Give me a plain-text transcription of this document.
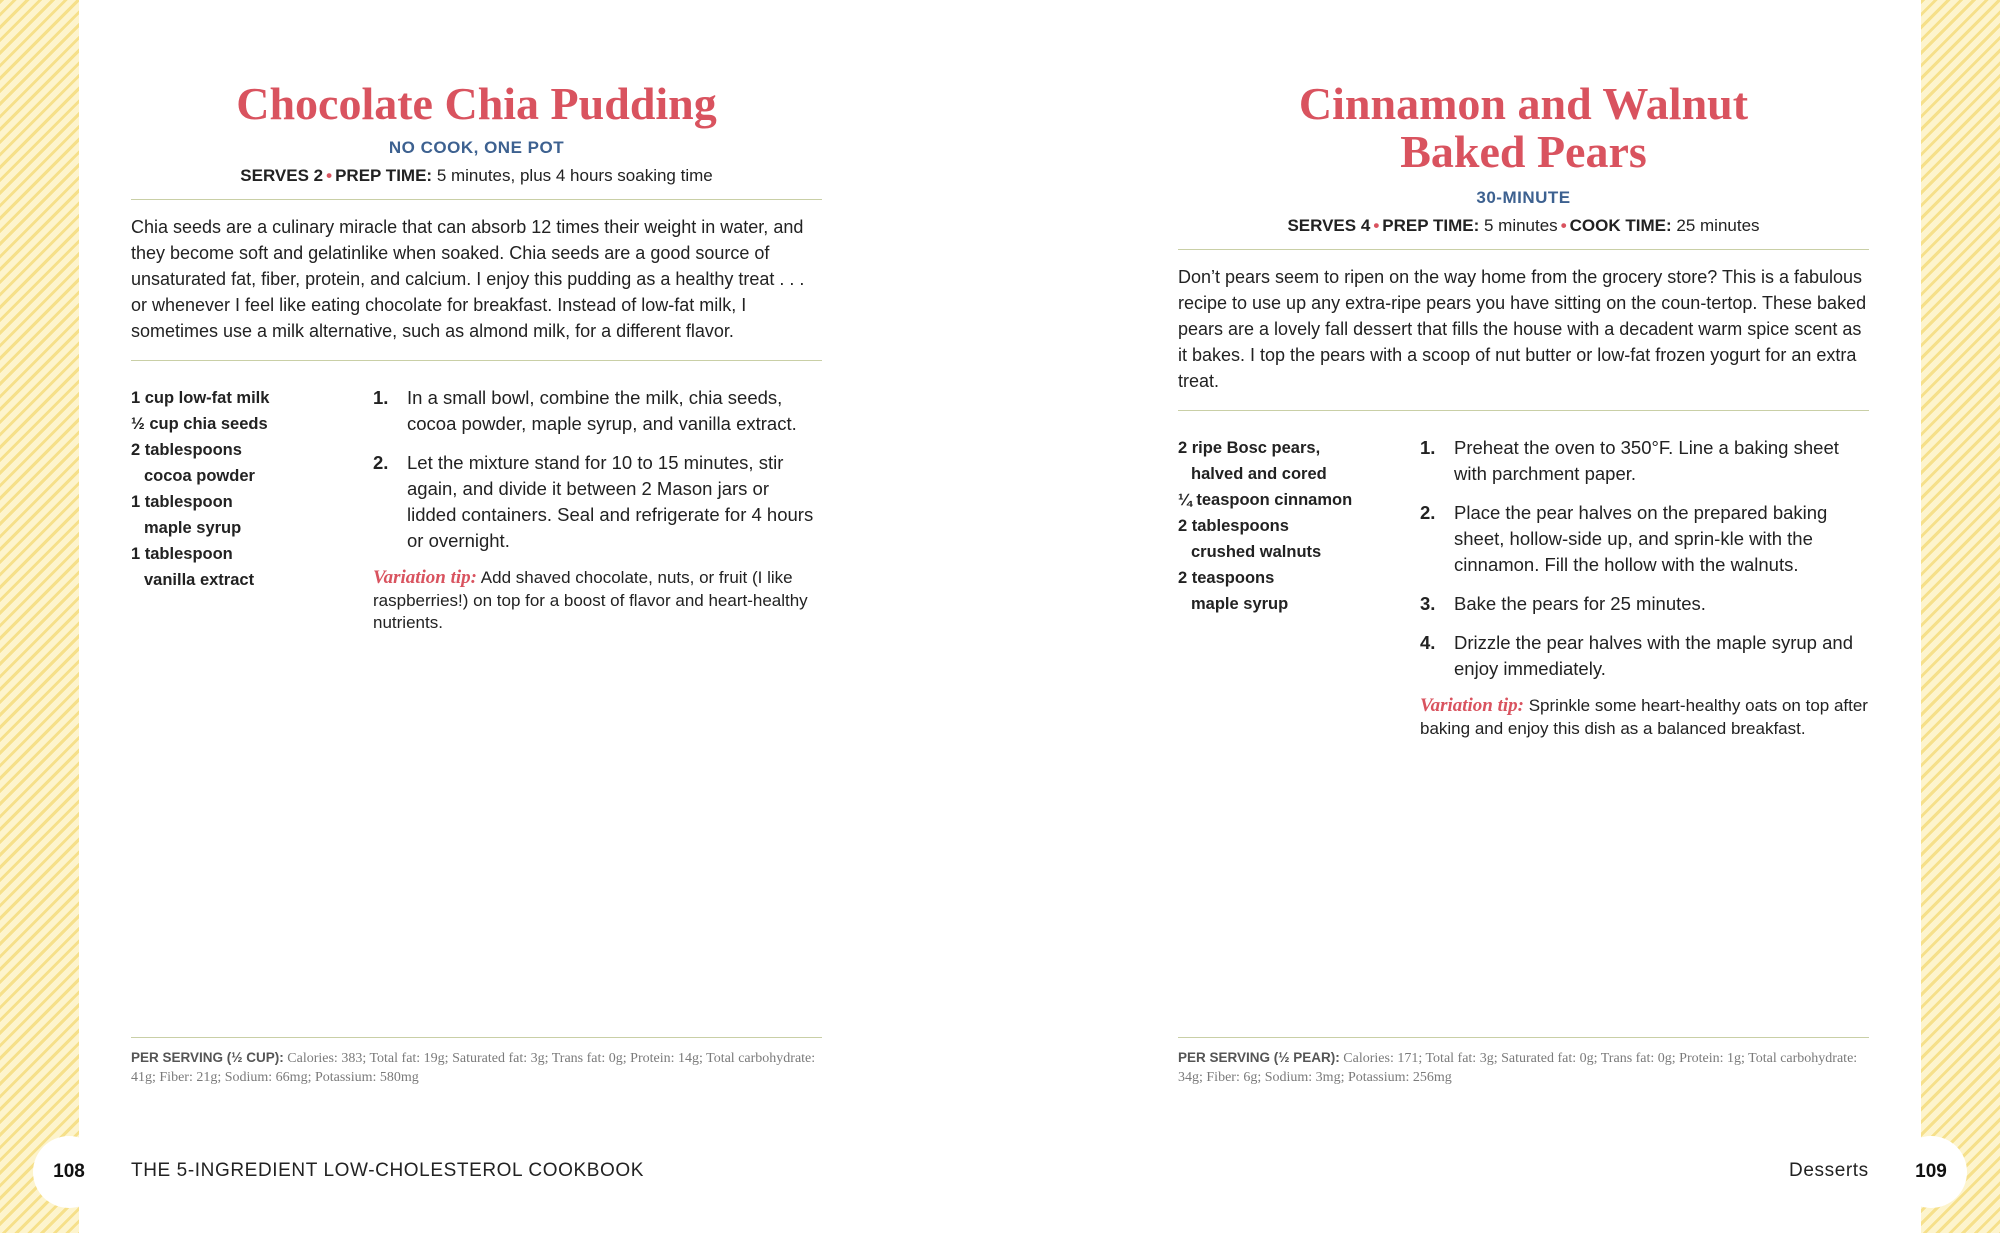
Chocolate Chia Pudding
NO COOK, ONE POT
SERVES 2 • PREP TIME: 5 minutes, plus 4 hours soaking time

Chia seeds are a culinary miracle that can absorb 12 times their weight in water, and they become soft and gelatinlike when soaked. Chia seeds are a good source of unsaturated fat, fiber, protein, and calcium. I enjoy this pudding as a healthy treat . . . or whenever I feel like eating chocolate for breakfast. Instead of low-fat milk, I sometimes use a milk alternative, such as almond milk, for a different flavor.

1 cup low-fat milk
½ cup chia seeds
2 tablespoons
cocoa powder
1 tablespoon
maple syrup
1 tablespoon
vanilla extract
1. In a small bowl, combine the milk, chia seeds, cocoa powder, maple syrup, and vanilla extract.
2. Let the mixture stand for 10 to 15 minutes, stir again, and divide it between 2 Mason jars or lidded containers. Seal and refrigerate for 4 hours or overnight.
Variation tip: Add shaved chocolate, nuts, or fruit (I like raspberries!) on top for a boost of flavor and heart-healthy nutrients.
PER SERVING (½ CUP): Calories: 383; Total fat: 19g; Saturated fat: 3g; Trans fat: 0g; Protein: 14g; Total carbohydrate: 41g; Fiber: 21g; Sodium: 66mg; Potassium: 580mg
108	THE 5-INGREDIENT LOW-CHOLESTEROL COOKBOOK
Cinnamon and Walnut
Baked Pears
30-MINUTE
SERVES 4 • PREP TIME: 5 minutes • COOK TIME: 25 minutes

Don’t pears seem to ripen on the way home from the grocery store? This is a fabulous recipe to use up any extra-ripe pears you have sitting on the coun-tertop. These baked pears are a lovely fall dessert that fills the house with a decadent warm spice scent as it bakes. I top the pears with a scoop of nut butter or low-fat frozen yogurt for an extra treat.

2 ripe Bosc pears,
halved and cored
¼ teaspoon cinnamon
2 tablespoons
crushed walnuts
2 teaspoons
maple syrup
1. Preheat the oven to 350°F. Line a baking sheet with parchment paper.
2. Place the pear halves on the prepared baking sheet, hollow-side up, and sprin-kle with the cinnamon. Fill the hollow with the walnuts.
3. Bake the pears for 25 minutes.
4. Drizzle the pear halves with the maple syrup and enjoy immediately.
Variation tip: Sprinkle some heart-healthy oats on top after baking and enjoy this dish as a balanced breakfast.
PER SERVING (½ PEAR): Calories: 171; Total fat: 3g; Saturated fat: 0g; Trans fat: 0g; Protein: 1g; Total carbohydrate: 34g; Fiber: 6g; Sodium: 3mg; Potassium: 256mg
Desserts	109
